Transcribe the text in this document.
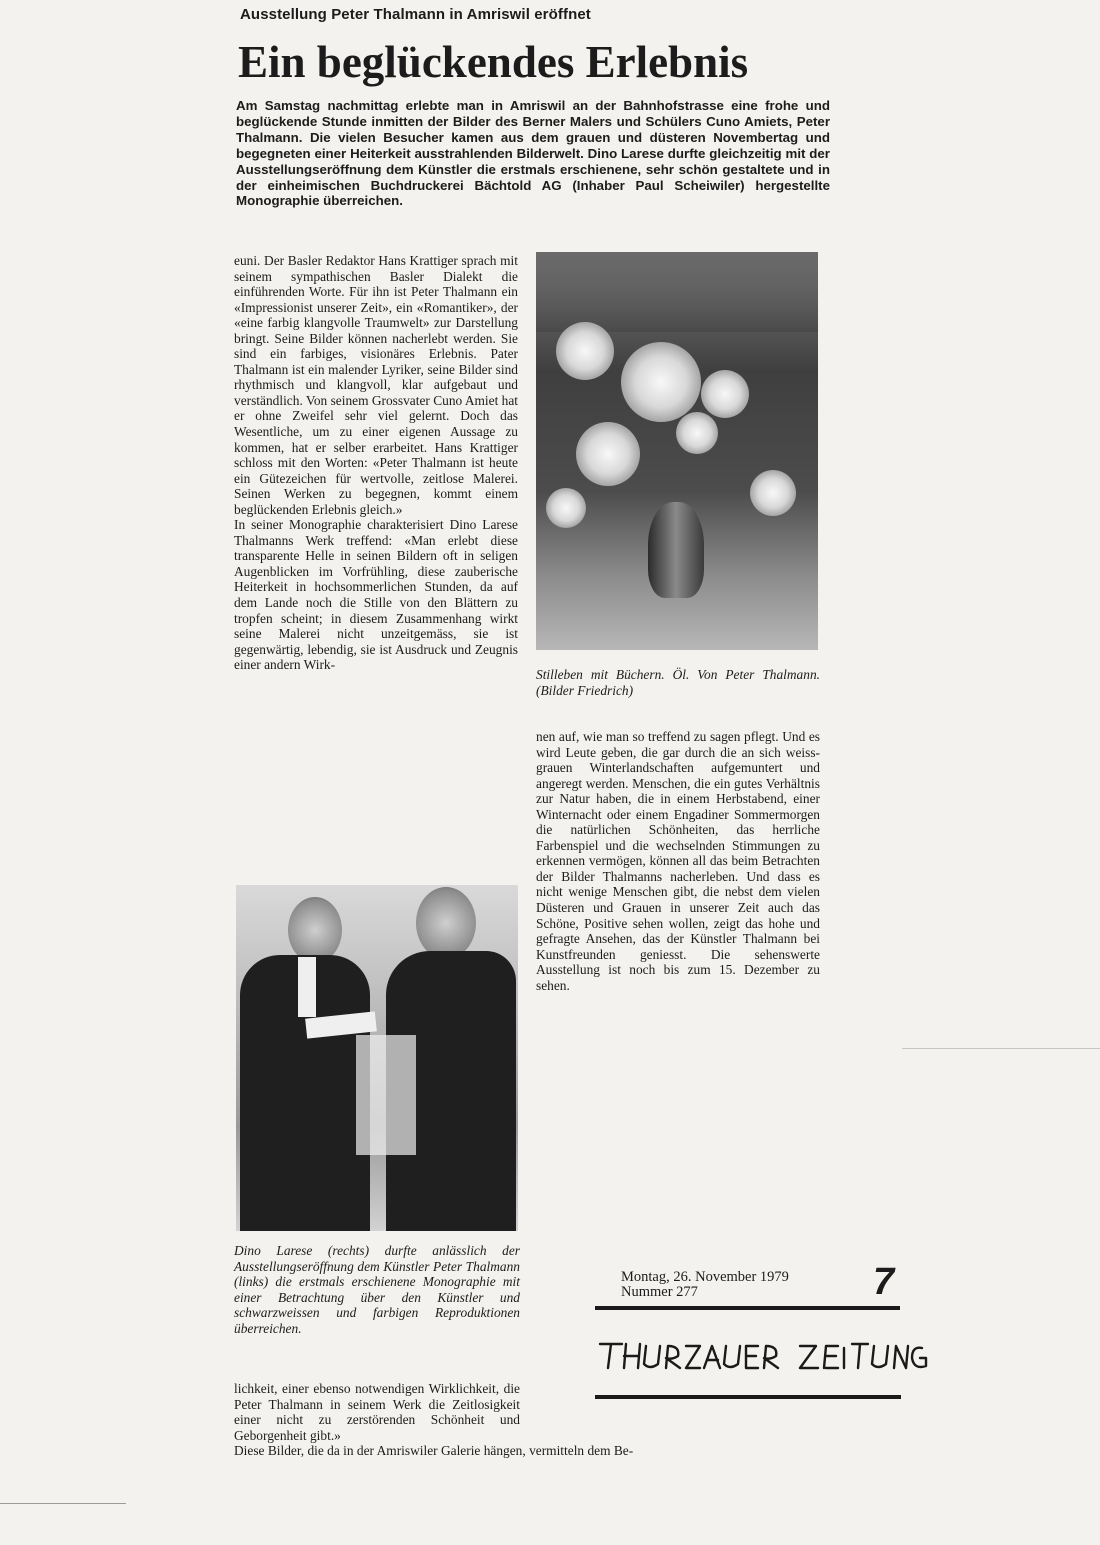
Ausstellung Peter Thalmann in Amriswil eröffnet
Ein beglückendes Erlebnis
Am Samstag nachmittag erlebte man in Amriswil an der Bahnhofstrasse eine frohe und beglückende Stunde inmitten der Bilder des Berner Malers und Schülers Cuno Amiets, Peter Thalmann. Die vielen Besucher kamen aus dem grauen und düsteren Novembertag und begegneten einer Heiterkeit ausstrahlenden Bilderwelt. Dino Larese durfte gleichzeitig mit der Ausstellungseröffnung dem Künstler die erstmals erschienene, sehr schön gestaltete und in der einheimischen Buchdruckerei Bächtold AG (Inhaber Paul Scheiwiler) hergestellte Monographie überreichen.

euni. Der Basler Redaktor Hans Krattiger sprach mit seinem sympathischen Basler Dialekt die einführenden Worte. Für ihn ist Peter Thalmann ein «Impressionist unserer Zeit», ein «Romantiker», der «eine farbig klangvolle Traumwelt» zur Darstellung bringt. Seine Bilder können nacherlebt werden. Sie sind ein farbiges, visionäres Erlebnis. Pater Thalmann ist ein malender Lyriker, seine Bilder sind rhythmisch und klangvoll, klar aufgebaut und verständlich. Von seinem Grossvater Cuno Amiet hat er ohne Zweifel sehr viel gelernt. Doch das Wesentliche, um zu einer eigenen Aussage zu kommen, hat er selber erarbeitet. Hans Krattiger schloss mit den Worten: «Peter Thalmann ist heute ein Gütezeichen für wertvolle, zeitlose Malerei. Seinen Werken zu begegnen, kommt einem beglückenden Erlebnis gleich.»

In seiner Monographie charakterisiert Dino Larese Thalmanns Werk treffend: «Man erlebt diese transparente Helle in seinen Bildern oft in seligen Augenblicken im Vorfrühling, diese zauberische Heiterkeit in hochsommerlichen Stunden, da auf dem Lande noch die Stille von den Blättern zu tropfen scheint; in diesem Zusammenhang wirkt seine Malerei nicht unzeitgemäss, sie ist gegenwärtig, lebendig, sie ist Ausdruck und Zeugnis einer andern Wirk-

Stilleben mit Büchern. Öl. Von Peter Thalmann. (Bilder Friedrich)

nen auf, wie man so treffend zu sagen pflegt. Und es wird Leute geben, die gar durch die an sich weiss-grauen Winterlandschaften aufgemuntert und angeregt werden. Menschen, die ein gutes Verhältnis zur Natur haben, die in einem Herbstabend, einer Winternacht oder einem Engadiner Sommermorgen die natürlichen Schönheiten, das herrliche Farbenspiel und die wechselnden Stimmungen zu erkennen vermögen, können all das beim Betrachten der Bilder Thalmanns nacherleben. Und dass es nicht wenige Menschen gibt, die nebst dem vielen Düsteren und Grauen in unserer Zeit auch das Schöne, Positive sehen wollen, zeigt das hohe und gefragte Ansehen, das der Künstler Thalmann bei Kunstfreunden geniesst. Die sehenswerte Ausstellung ist noch bis zum 15. Dezember zu sehen.

Dino Larese (rechts) durfte anlässlich der Ausstellungseröffnung dem Künstler Peter Thalmann (links) die erstmals erschienene Monographie mit einer Betrachtung über den Künstler und schwarzweissen und farbigen Reproduktionen überreichen.

lichkeit, einer ebenso notwendigen Wirklichkeit, die Peter Thalmann in seinem Werk die Zeitlosigkeit einer nicht zu zerstörenden Schönheit und Geborgenheit gibt.»

Diese Bilder, die da in der Amriswiler Galerie hängen, vermitteln dem Be-

Montag, 26. November 1979
Nummer 277	7
